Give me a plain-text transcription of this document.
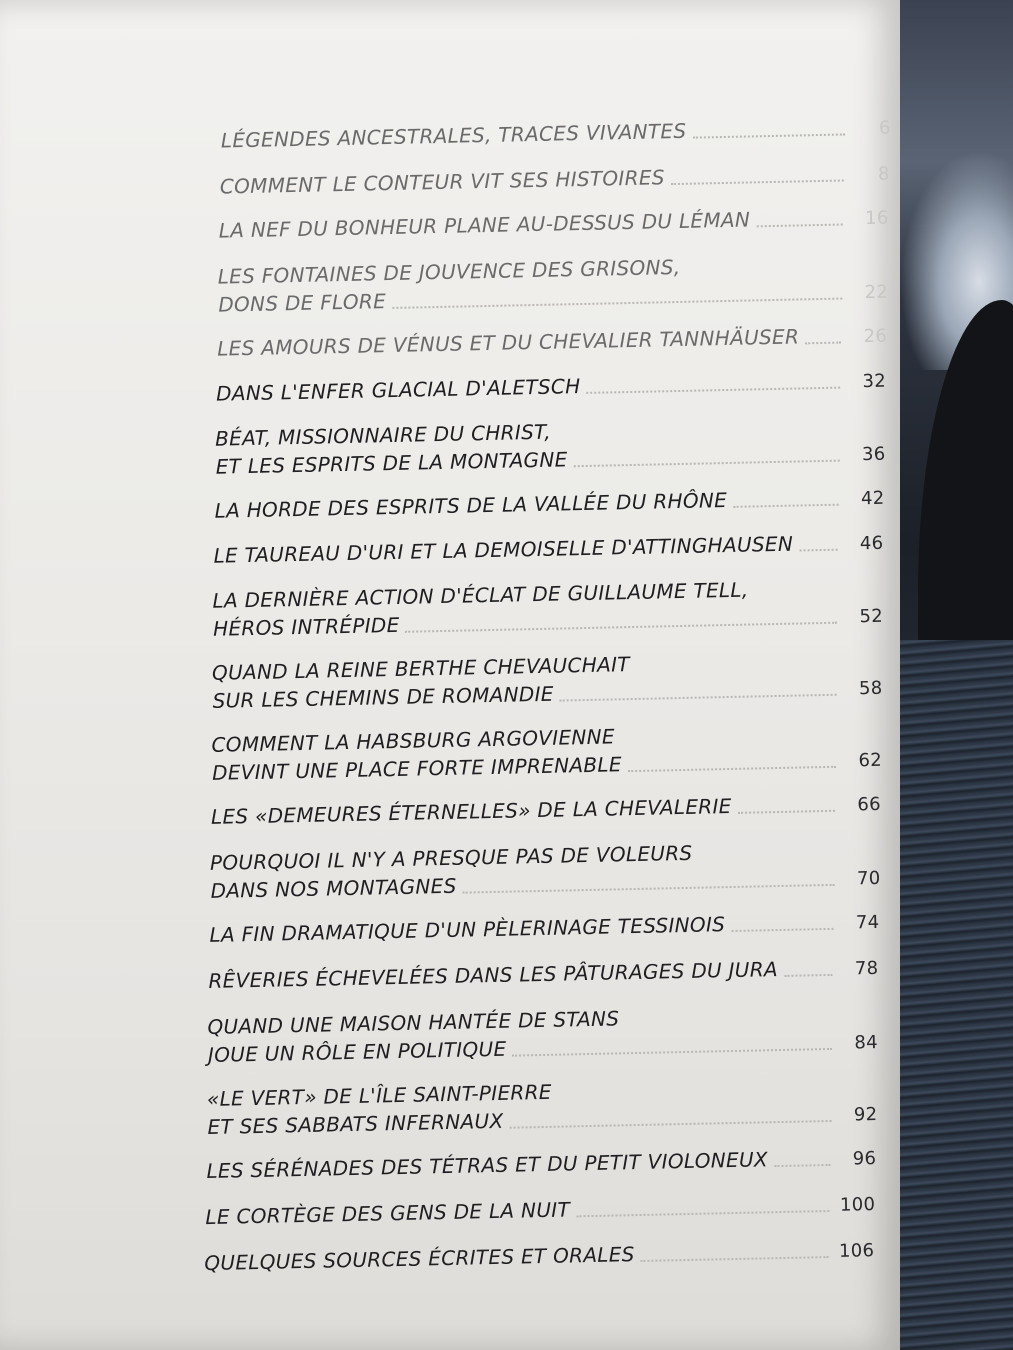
LÉGENDES ANCESTRALES, TRACES VIVANTES	6
COMMENT LE CONTEUR VIT SES HISTOIRES	8
LA NEF DU BONHEUR PLANE AU-DESSUS DU LÉMAN	16
LES FONTAINES DE JOUVENCE DES GRISONS,
DONS DE FLORE	22
LES AMOURS DE VÉNUS ET DU CHEVALIER TANNHÄUSER	26
DANS L'ENFER GLACIAL D'ALETSCH	32
BÉAT, MISSIONNAIRE DU CHRIST,
ET LES ESPRITS DE LA MONTAGNE	36
LA HORDE DES ESPRITS DE LA VALLÉE DU RHÔNE	42
LE TAUREAU D'URI ET LA DEMOISELLE D'ATTINGHAUSEN	46
LA DERNIÈRE ACTION D'ÉCLAT DE GUILLAUME TELL,
HÉROS INTRÉPIDE	52
QUAND LA REINE BERTHE CHEVAUCHAIT
SUR LES CHEMINS DE ROMANDIE	58
COMMENT LA HABSBURG ARGOVIENNE
DEVINT UNE PLACE FORTE IMPRENABLE	62
LES «DEMEURES ÉTERNELLES» DE LA CHEVALERIE	66
POURQUOI IL N'Y A PRESQUE PAS DE VOLEURS
DANS NOS MONTAGNES	70
LA FIN DRAMATIQUE D'UN PÈLERINAGE TESSINOIS	74
RÊVERIES ÉCHEVELÉES DANS LES PÂTURAGES DU JURA	78
QUAND UNE MAISON HANTÉE DE STANS
JOUE UN RÔLE EN POLITIQUE	84
«LE VERT» DE L'ÎLE SAINT-PIERRE
ET SES SABBATS INFERNAUX	92
LES SÉRÉNADES DES TÉTRAS ET DU PETIT VIOLONEUX	96
LE CORTÈGE DES GENS DE LA NUIT	100
QUELQUES SOURCES ÉCRITES ET ORALES	106
